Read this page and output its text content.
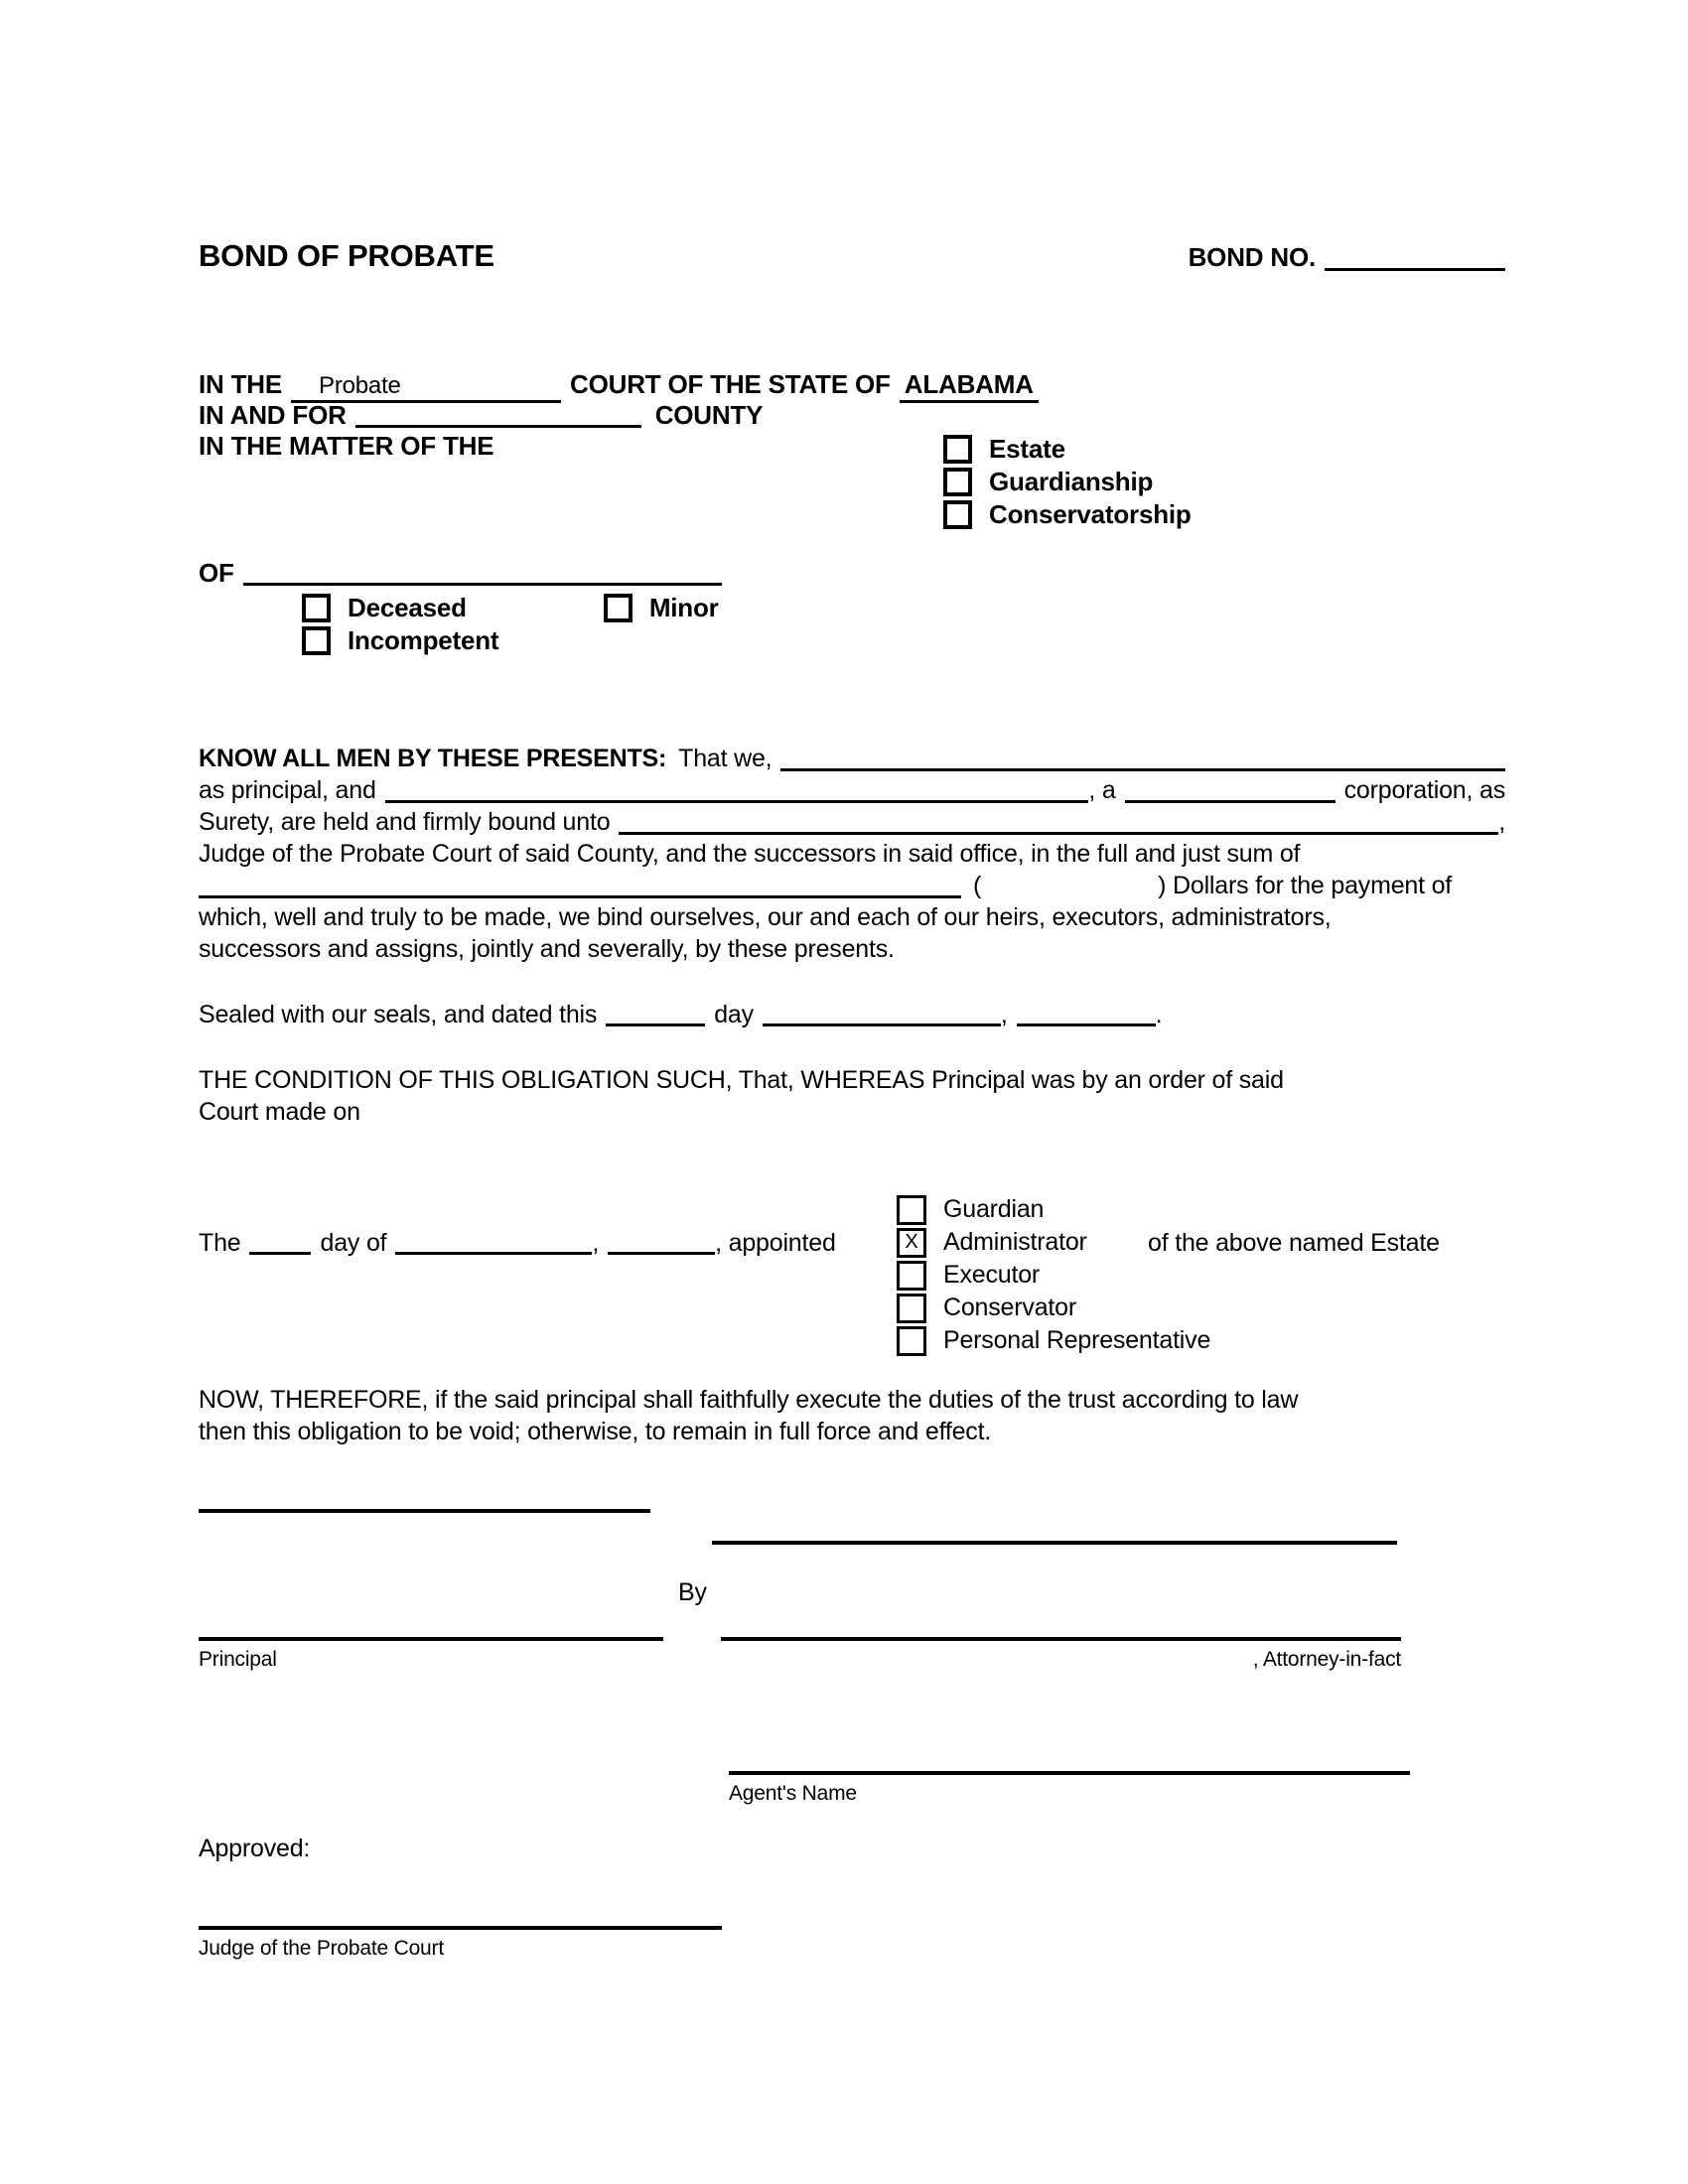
BOND OF PROBATE	BOND NO.
IN THE	Probate	COURT OF THE STATE OF ALABAMA
IN AND FOR	COUNTY
IN THE MATTER OF THE	Estate
Guardianship
Conservatorship
OF
Deceased	Minor
Incompetent
KNOW ALL MEN BY THESE PRESENTS: That we,
as principal, and	, a	corporation, as
Surety, are held and firmly bound unto	,
Judge of the Probate Court of said County, and the successors in said office, in the full and just sum of
(	) Dollars for the payment of
which, well and truly to be made, we bind ourselves, our and each of our heirs, executors, administrators,
successors and assigns, jointly and severally, by these presents.
Sealed with our seals, and dated this	day	,	.
THE CONDITION OF THIS OBLIGATION SUCH, That, WHEREAS Principal was by an order of said
Court made on
The	day of	,	, appointed
Guardian
X	Administrator
Executor
Conservator
Personal Representative
of the above named Estate
NOW, THEREFORE, if the said principal shall faithfully execute the duties of the trust according to law
then this obligation to be void; otherwise, to remain in full force and effect.
By
Principal	, Attorney-in-fact
Agent's Name
Approved:
Judge of the Probate Court
